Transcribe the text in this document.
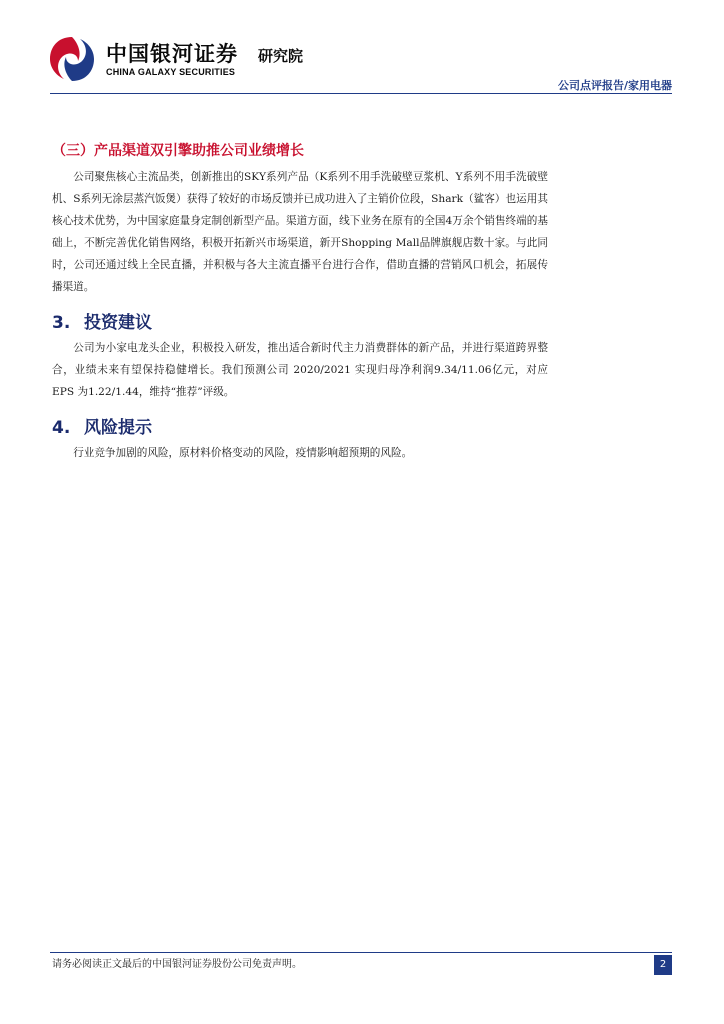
中国银河证券 研究院
CHINA GALAXY SECURITIES
公司点评报告/家用电器
（三）产品渠道双引擎助推公司业绩增长

公司聚焦核心主流品类，创新推出的SKY系列产品（K系列不用手洗破壁豆浆机、Y系列不用手洗破壁机、S系列无涂层蒸汽饭煲）获得了较好的市场反馈并已成功进入了主销价位段，Shark（鲨客）也运用其核心技术优势，为中国家庭量身定制创新型产品。渠道方面，线下业务在原有的全国4万余个销售终端的基础上，不断完善优化销售网络，积极开拓新兴市场渠道，新开Shopping Mall品牌旗舰店数十家。与此同时，公司还通过线上全民直播，并积极与各大主流直播平台进行合作，借助直播的营销风口机会，拓展传播渠道。

3. 投资建议

公司为小家电龙头企业，积极投入研发，推出适合新时代主力消费群体的新产品，并进行渠道跨界整合，业绩未来有望保持稳健增长。我们预测公司 2020/2021 实现归母净利润9.34/11.06亿元，对应 EPS 为1.22/1.44，维持“推荐”评级。

4. 风险提示

行业竞争加剧的风险，原材料价格变动的风险，疫情影响超预期的风险。

请务必阅读正文最后的中国银河证券股份公司免责声明。	2
